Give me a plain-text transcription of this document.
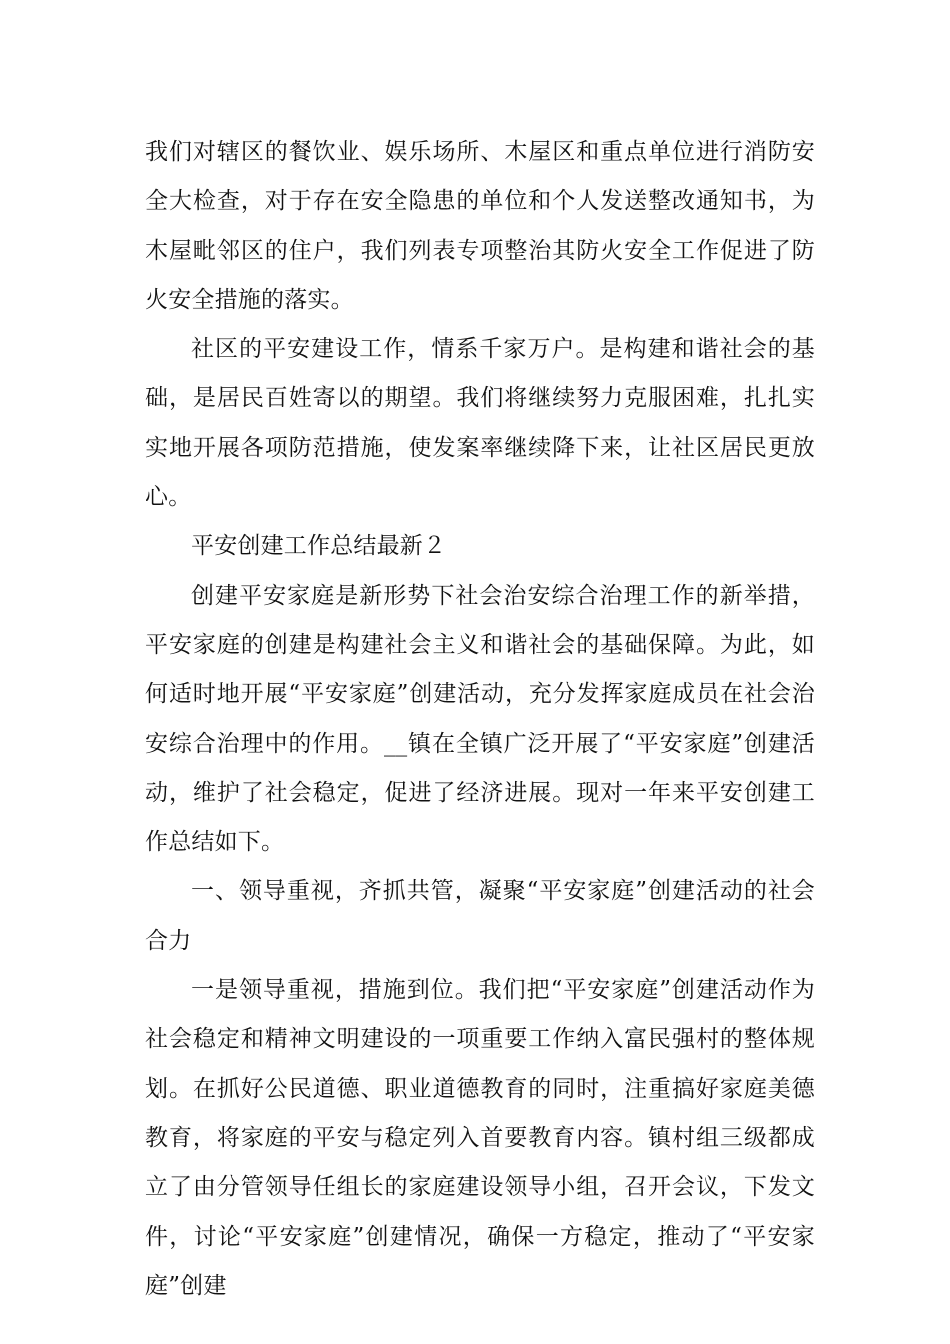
我们对辖区的餐饮业、娱乐场所、木屋区和重点单位进行消防安全大检查，对于存在安全隐患的单位和个人发送整改通知书，为木屋毗邻区的住户，我们列表专项整治其防火安全工作促进了防火安全措施的落实。

社区的平安建设工作，情系千家万户。是构建和谐社会的基础，是居民百姓寄以的期望。我们将继续努力克服困难，扎扎实实地开展各项防范措施，使发案率继续降下来，让社区居民更放心。

平安创建工作总结最新２

创建平安家庭是新形势下社会治安综合治理工作的新举措，平安家庭的创建是构建社会主义和谐社会的基础保障。为此，如何适时地开展“平安家庭”创建活动，充分发挥家庭成员在社会治安综合治理中的作用。__镇在全镇广泛开展了“平安家庭”创建活动，维护了社会稳定，促进了经济进展。现对一年来平安创建工作总结如下。

一、领导重视，齐抓共管，凝聚“平安家庭”创建活动的社会合力

一是领导重视，措施到位。我们把“平安家庭”创建活动作为社会稳定和精神文明建设的一项重要工作纳入富民强村的整体规划。在抓好公民道德、职业道德教育的同时，注重搞好家庭美德教育，将家庭的平安与稳定列入首要教育内容。镇村组三级都成立了由分管领导任组长的家庭建设领导小组，召开会议，下发文件，讨论“平安家庭”创建情况，确保一方稳定，推动了“平安家庭”创建
